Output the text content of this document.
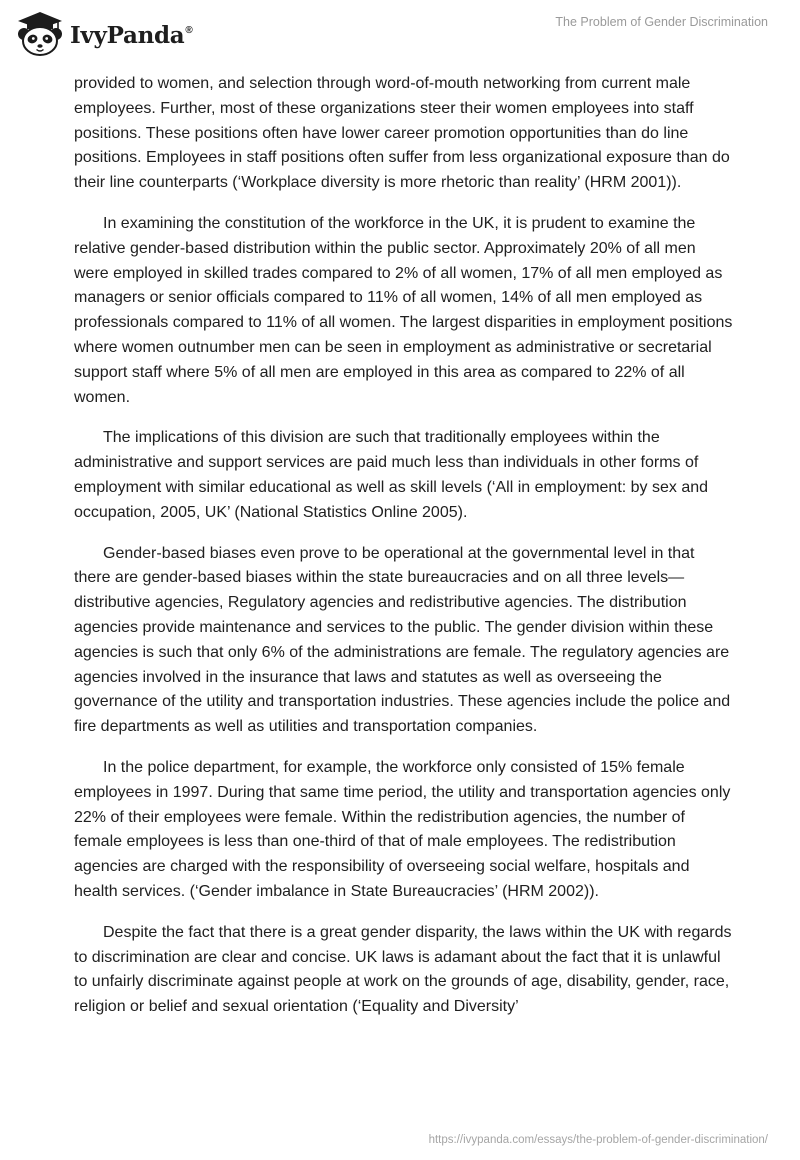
IvyPanda®
The Problem of Gender Discrimination

provided to women, and selection through word-of-mouth networking from current male employees. Further, most of these organizations steer their women employees into staff positions. These positions often have lower career promotion opportunities than do line positions. Employees in staff positions often suffer from less organizational exposure than do their line counterparts (‘Workplace diversity is more rhetoric than reality’ (HRM 2001)).

In examining the constitution of the workforce in the UK, it is prudent to examine the relative gender-based distribution within the public sector. Approximately 20% of all men were employed in skilled trades compared to 2% of all women, 17% of all men employed as managers or senior officials compared to 11% of all women, 14% of all men employed as professionals compared to 11% of all women. The largest disparities in employment positions where women outnumber men can be seen in employment as administrative or secretarial support staff where 5% of all men are employed in this area as compared to 22% of all women.

The implications of this division are such that traditionally employees within the administrative and support services are paid much less than individuals in other forms of employment with similar educational as well as skill levels (‘All in employment: by sex and occupation, 2005, UK’ (National Statistics Online 2005).

Gender-based biases even prove to be operational at the governmental level in that there are gender-based biases within the state bureaucracies and on all three levels—distributive agencies, Regulatory agencies and redistributive agencies. The distribution agencies provide maintenance and services to the public. The gender division within these agencies is such that only 6% of the administrations are female. The regulatory agencies are agencies involved in the insurance that laws and statutes as well as overseeing the governance of the utility and transportation industries. These agencies include the police and fire departments as well as utilities and transportation companies.

In the police department, for example, the workforce only consisted of 15% female employees in 1997. During that same time period, the utility and transportation agencies only 22% of their employees were female. Within the redistribution agencies, the number of female employees is less than one-third of that of male employees. The redistribution agencies are charged with the responsibility of overseeing social welfare, hospitals and health services. (‘Gender imbalance in State Bureaucracies’ (HRM 2002)).

Despite the fact that there is a great gender disparity, the laws within the UK with regards to discrimination are clear and concise. UK laws is adamant about the fact that it is unlawful to unfairly discriminate against people at work on the grounds of age, disability, gender, race, religion or belief and sexual orientation (‘Equality and Diversity’

https://ivypanda.com/essays/the-problem-of-gender-discrimination/
